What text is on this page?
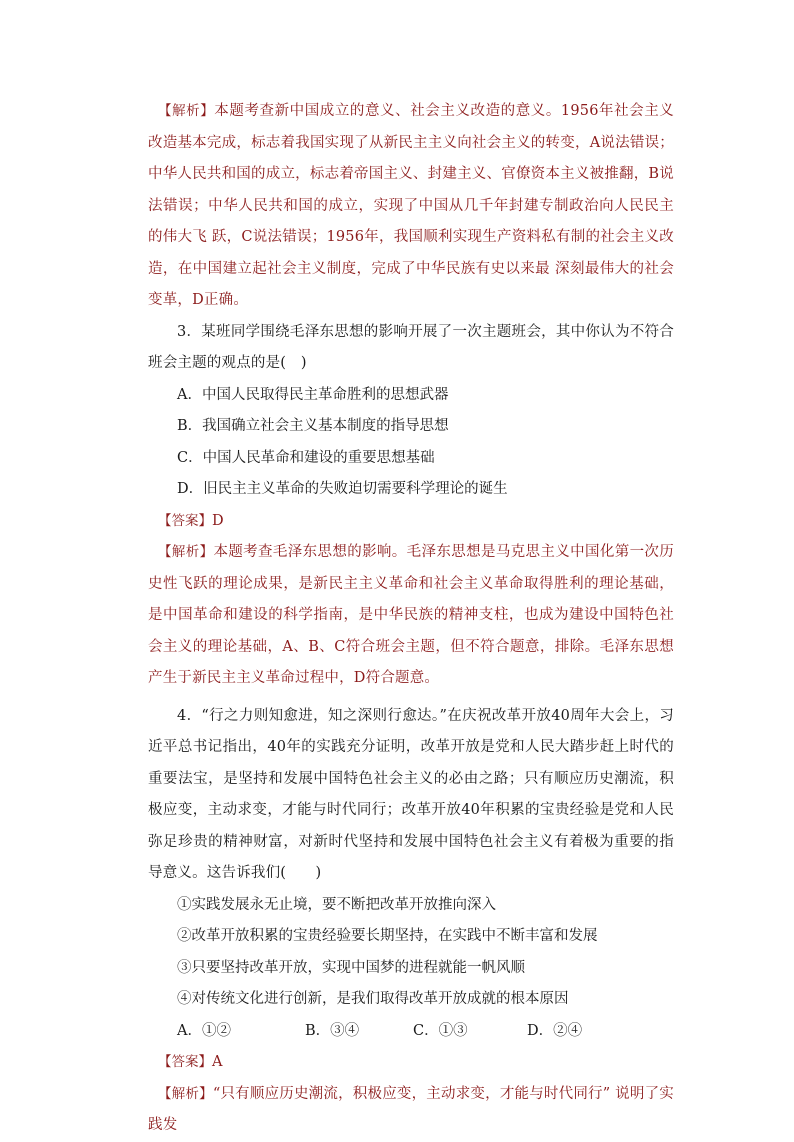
【解析】本题考查新中国成立的意义、社会主义改造的意义。1956年社会主义改造基本完成，标志着我国实现了从新民主主义向社会主义的转变，A说法错误；中华人民共和国的成立，标志着帝国主义、封建主义、官僚资本主义被推翻，B说法错误；中华人民共和国的成立，实现了中国从几千年封建专制政治向人民民主的伟大飞 跃，C说法错误；1956年，我国顺利实现生产资料私有制的社会主义改造，在中国建立起社会主义制度，完成了中华民族有史以来最 深刻最伟大的社会变革，D正确。

3．某班同学围绕毛泽东思想的影响开展了一次主题班会，其中你认为不符合班会主题的观点的是(　)

A．中国人民取得民主革命胜利的思想武器

B．我国确立社会主义基本制度的指导思想

C．中国人民革命和建设的重要思想基础

D．旧民主主义革命的失败迫切需要科学理论的诞生

【答案】D

【解析】本题考查毛泽东思想的影响。毛泽东思想是马克思主义中国化第一次历史性飞跃的理论成果，是新民主主义革命和社会主义革命取得胜利的理论基础，是中国革命和建设的科学指南，是中华民族的精神支柱，也成为建设中国特色社会主义的理论基础，A、B、C符合班会主题，但不符合题意，排除。毛泽东思想产生于新民主主义革命过程中，D符合题意。

4．“行之力则知愈进，知之深则行愈达。”在庆祝改革开放40周年大会上，习近平总书记指出，40年的实践充分证明，改革开放是党和人民大踏步赶上时代的重要法宝，是坚持和发展中国特色社会主义的必由之路；只有顺应历史潮流，积极应变，主动求变，才能与时代同行；改革开放40年积累的宝贵经验是党和人民弥足珍贵的精神财富，对新时代坚持和发展中国特色社会主义有着极为重要的指导意义。这告诉我们(　　)

①实践发展永无止境，要不断把改革开放推向深入

②改革开放积累的宝贵经验要长期坚持，在实践中不断丰富和发展

③只要坚持改革开放，实现中国梦的进程就能一帆风顺

④对传统文化进行创新，是我们取得改革开放成就的根本原因

A．①②	B．③④	C．①③	D．②④

【答案】A

【解析】“只有顺应历史潮流，积极应变，主动求变，才能与时代同行” 说明了实践发
